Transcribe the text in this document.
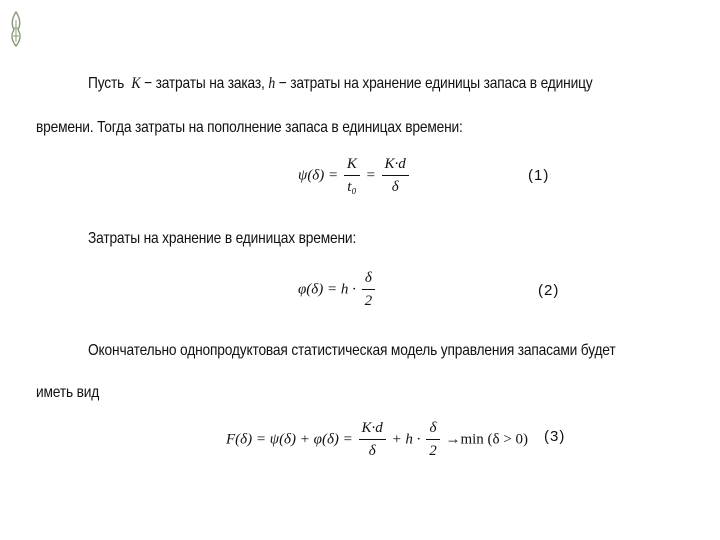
Пусть K − затраты на заказ, h − затраты на хранение единицы запаса в единицу
времени. Тогда затраты на пополнение запаса в единицах времени:
$\psi(\delta) = \frac{K}{\text{t₀}} = \frac{K\cdot d}{\delta}$	(1)
Затраты на хранение в единицах времени:
$\varphi(\delta) = h \cdot \frac{\delta}{2}$	(2)
Окончательно однопродуктовая статистическая модель управления запасами будет
иметь вид
$F(\delta) = \psi(\delta) + \varphi(\delta) = \frac{K\cdot d}{\delta} + h \cdot \frac{\delta}{2} \to\min$ (δ > 0) (3)
